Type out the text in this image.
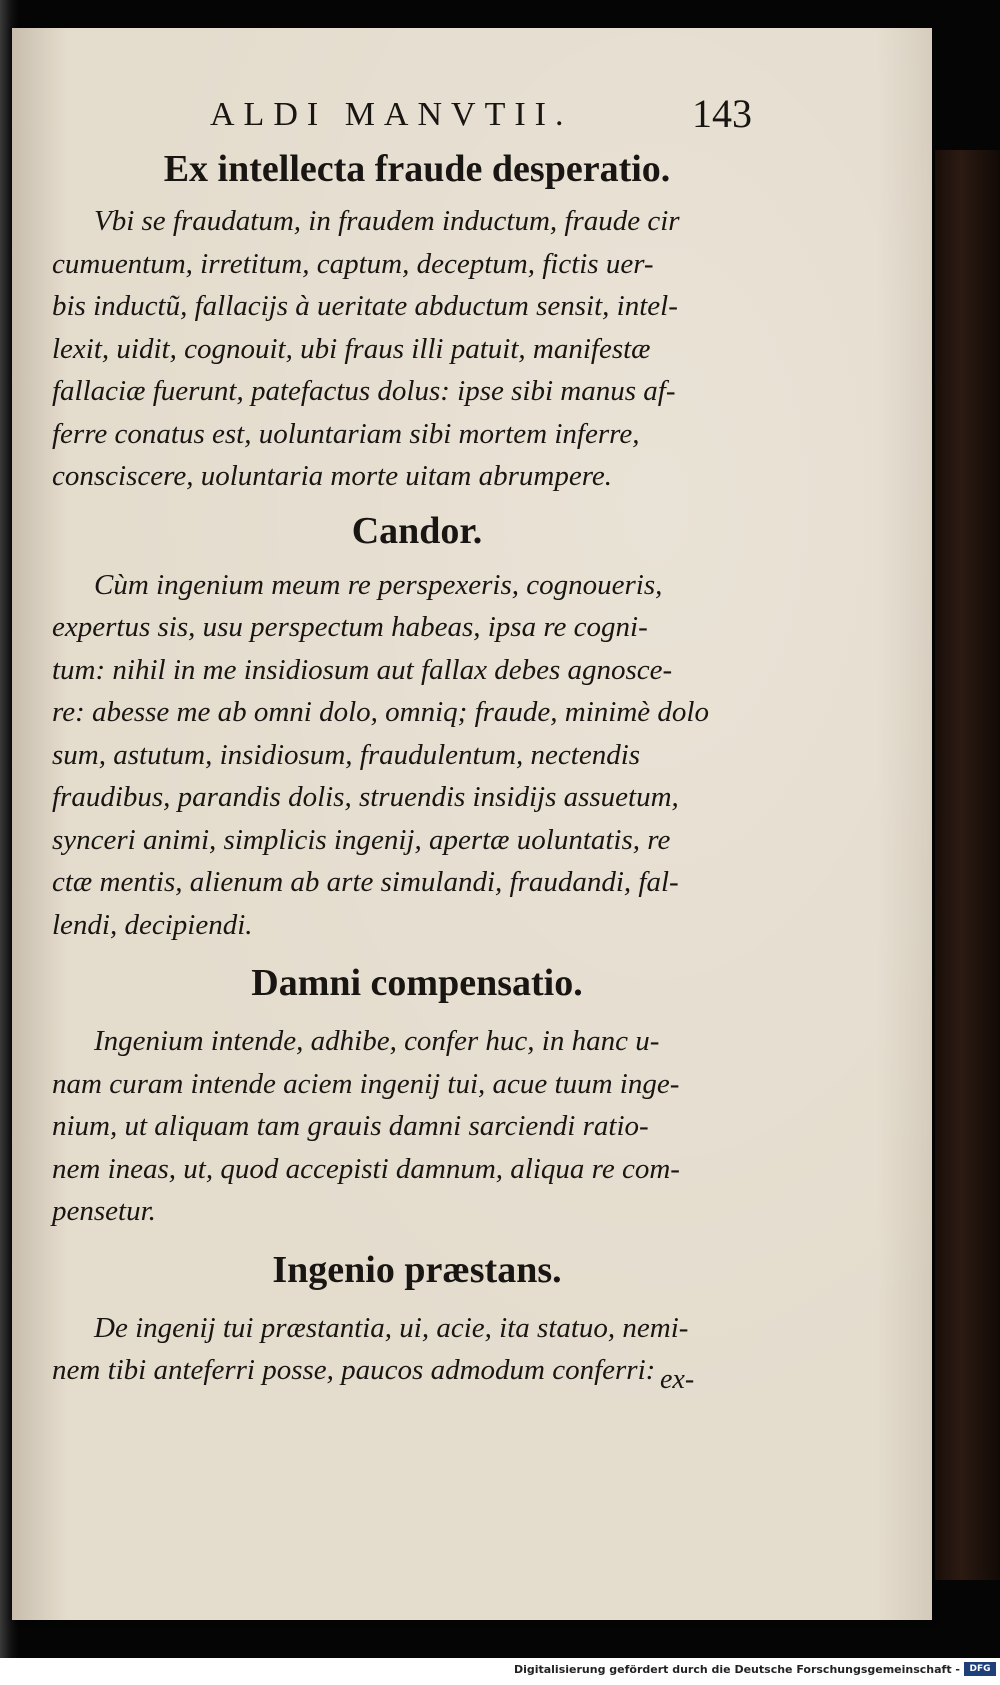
ALDI MANVTII.	143
Ex intellecta fraude desperatio.
Vbi se fraudatum, in fraudem inductum, fraude cir
cumuentum, irretitum, captum, deceptum, fictis uer-
bis inductũ, fallacijs à ueritate abductum sensit, intel-
lexit, uidit, cognouit, ubi fraus illi patuit, manifestæ
fallaciæ fuerunt, patefactus dolus: ipse sibi manus af-
ferre conatus est, uoluntariam sibi mortem inferre,
consciscere, uoluntaria morte uitam abrumpere.
Candor.
Cùm ingenium meum re perspexeris, cognoueris,
expertus sis, usu perspectum habeas, ipsa re cogni-
tum: nihil in me insidiosum aut fallax debes agnosce-
re: abesse me ab omni dolo, omniq; fraude, minimè dolo
sum, astutum, insidiosum, fraudulentum, nectendis
fraudibus, parandis dolis, struendis insidijs assuetum,
synceri animi, simplicis ingenij, apertæ uoluntatis, re
ctæ mentis, alienum ab arte simulandi, fraudandi, fal-
lendi, decipiendi.
Damni compensatio.
Ingenium intende, adhibe, confer huc, in hanc u-
nam curam intende aciem ingenij tui, acue tuum inge-
nium, ut aliquam tam grauis damni sarciendi ratio-
nem ineas, ut, quod accepisti damnum, aliqua re com-
pensetur.
Ingenio præstans.
De ingenij tui præstantia, ui, acie, ita statuo, nemi-
nem tibi anteferri posse, paucos admodum conferri: ex-
Digitalisierung gefördert durch die Deutsche Forschungsgemeinschaft -	DFG
